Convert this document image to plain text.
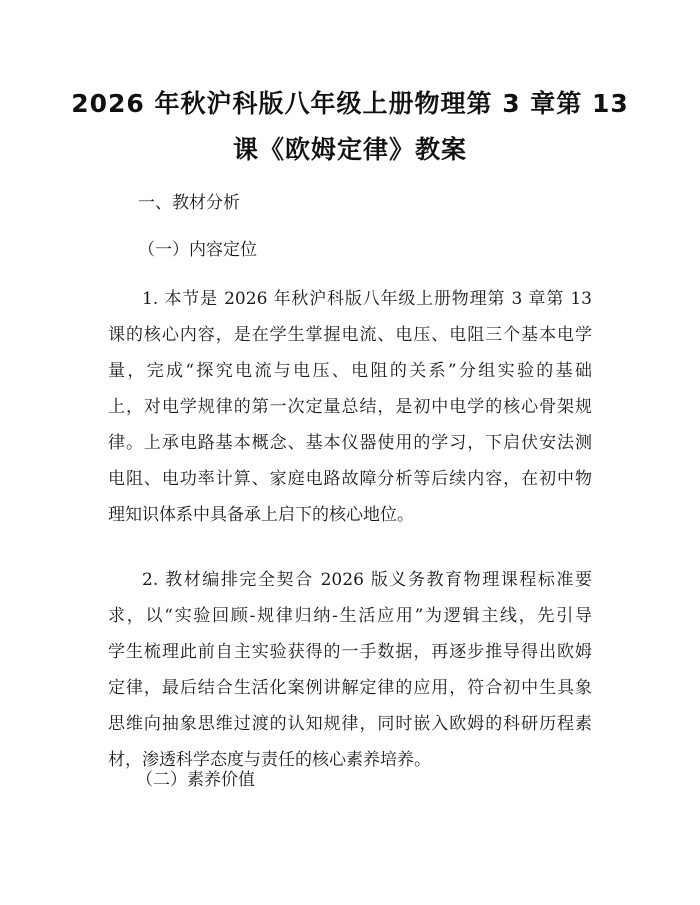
2026 年秋沪科版八年级上册物理第 3 章第 13
课《欧姆定律》教案
一、教材分析
（一）内容定位
1. 本节是 2026 年秋沪科版八年级上册物理第 3 章第 13
课的核心内容，是在学生掌握电流、电压、电阻三个基本电学
量，完成“探究电流与电压、电阻的关系”分组实验的基础
上，对电学规律的第一次定量总结，是初中电学的核心骨架规
律。上承电路基本概念、基本仪器使用的学习，下启伏安法测
电阻、电功率计算、家庭电路故障分析等后续内容，在初中物
理知识体系中具备承上启下的核心地位。
2. 教材编排完全契合 2026 版义务教育物理课程标准要
求，以“实验回顾-规律归纳-生活应用”为逻辑主线，先引导
学生梳理此前自主实验获得的一手数据，再逐步推导得出欧姆
定律，最后结合生活化案例讲解定律的应用，符合初中生具象
思维向抽象思维过渡的认知规律，同时嵌入欧姆的科研历程素
材，渗透科学态度与责任的核心素养培养。
（二）素养价值
